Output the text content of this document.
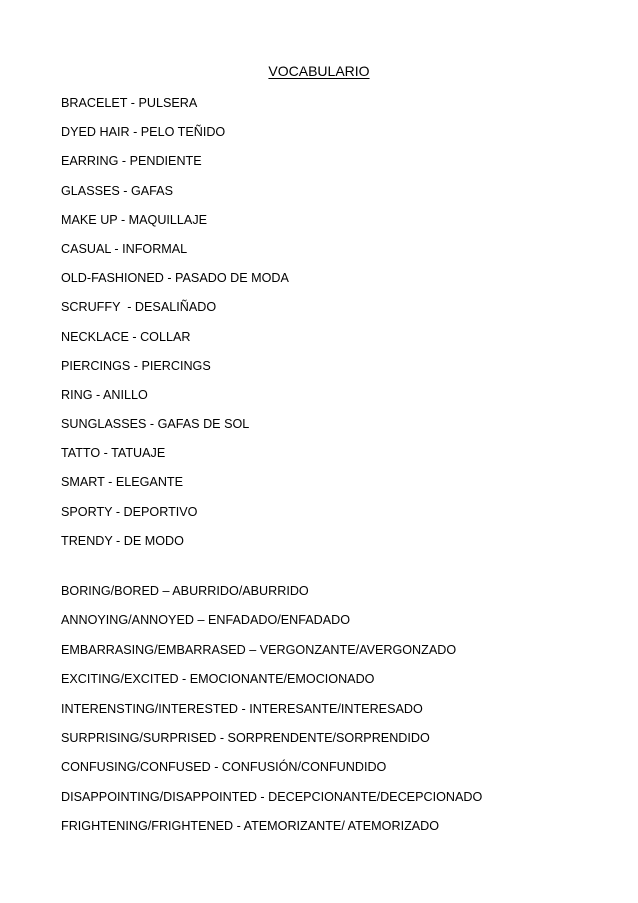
VOCABULARIO
BRACELET - PULSERA
DYED HAIR - PELO TEÑIDO
EARRING - PENDIENTE
GLASSES - GAFAS
MAKE UP - MAQUILLAJE
CASUAL - INFORMAL
OLD-FASHIONED - PASADO DE MODA
SCRUFFY  - DESALIÑADO
NECKLACE - COLLAR
PIERCINGS - PIERCINGS
RING - ANILLO
SUNGLASSES - GAFAS DE SOL
TATTO - TATUAJE
SMART - ELEGANTE
SPORTY - DEPORTIVO
TRENDY - DE MODO
BORING/BORED – ABURRIDO/ABURRIDO
ANNOYING/ANNOYED – ENFADADO/ENFADADO
EMBARRASING/EMBARRASED – VERGONZANTE/AVERGONZADO
EXCITING/EXCITED - EMOCIONANTE/EMOCIONADO
INTERENSTING/INTERESTED - INTERESANTE/INTERESADO
SURPRISING/SURPRISED - SORPRENDENTE/SORPRENDIDO
CONFUSING/CONFUSED - CONFUSIÓN/CONFUNDIDO
DISAPPOINTING/DISAPPOINTED - DECEPCIONANTE/DECEPCIONADO
FRIGHTENING/FRIGHTENED - ATEMORIZANTE/ ATEMORIZADO
